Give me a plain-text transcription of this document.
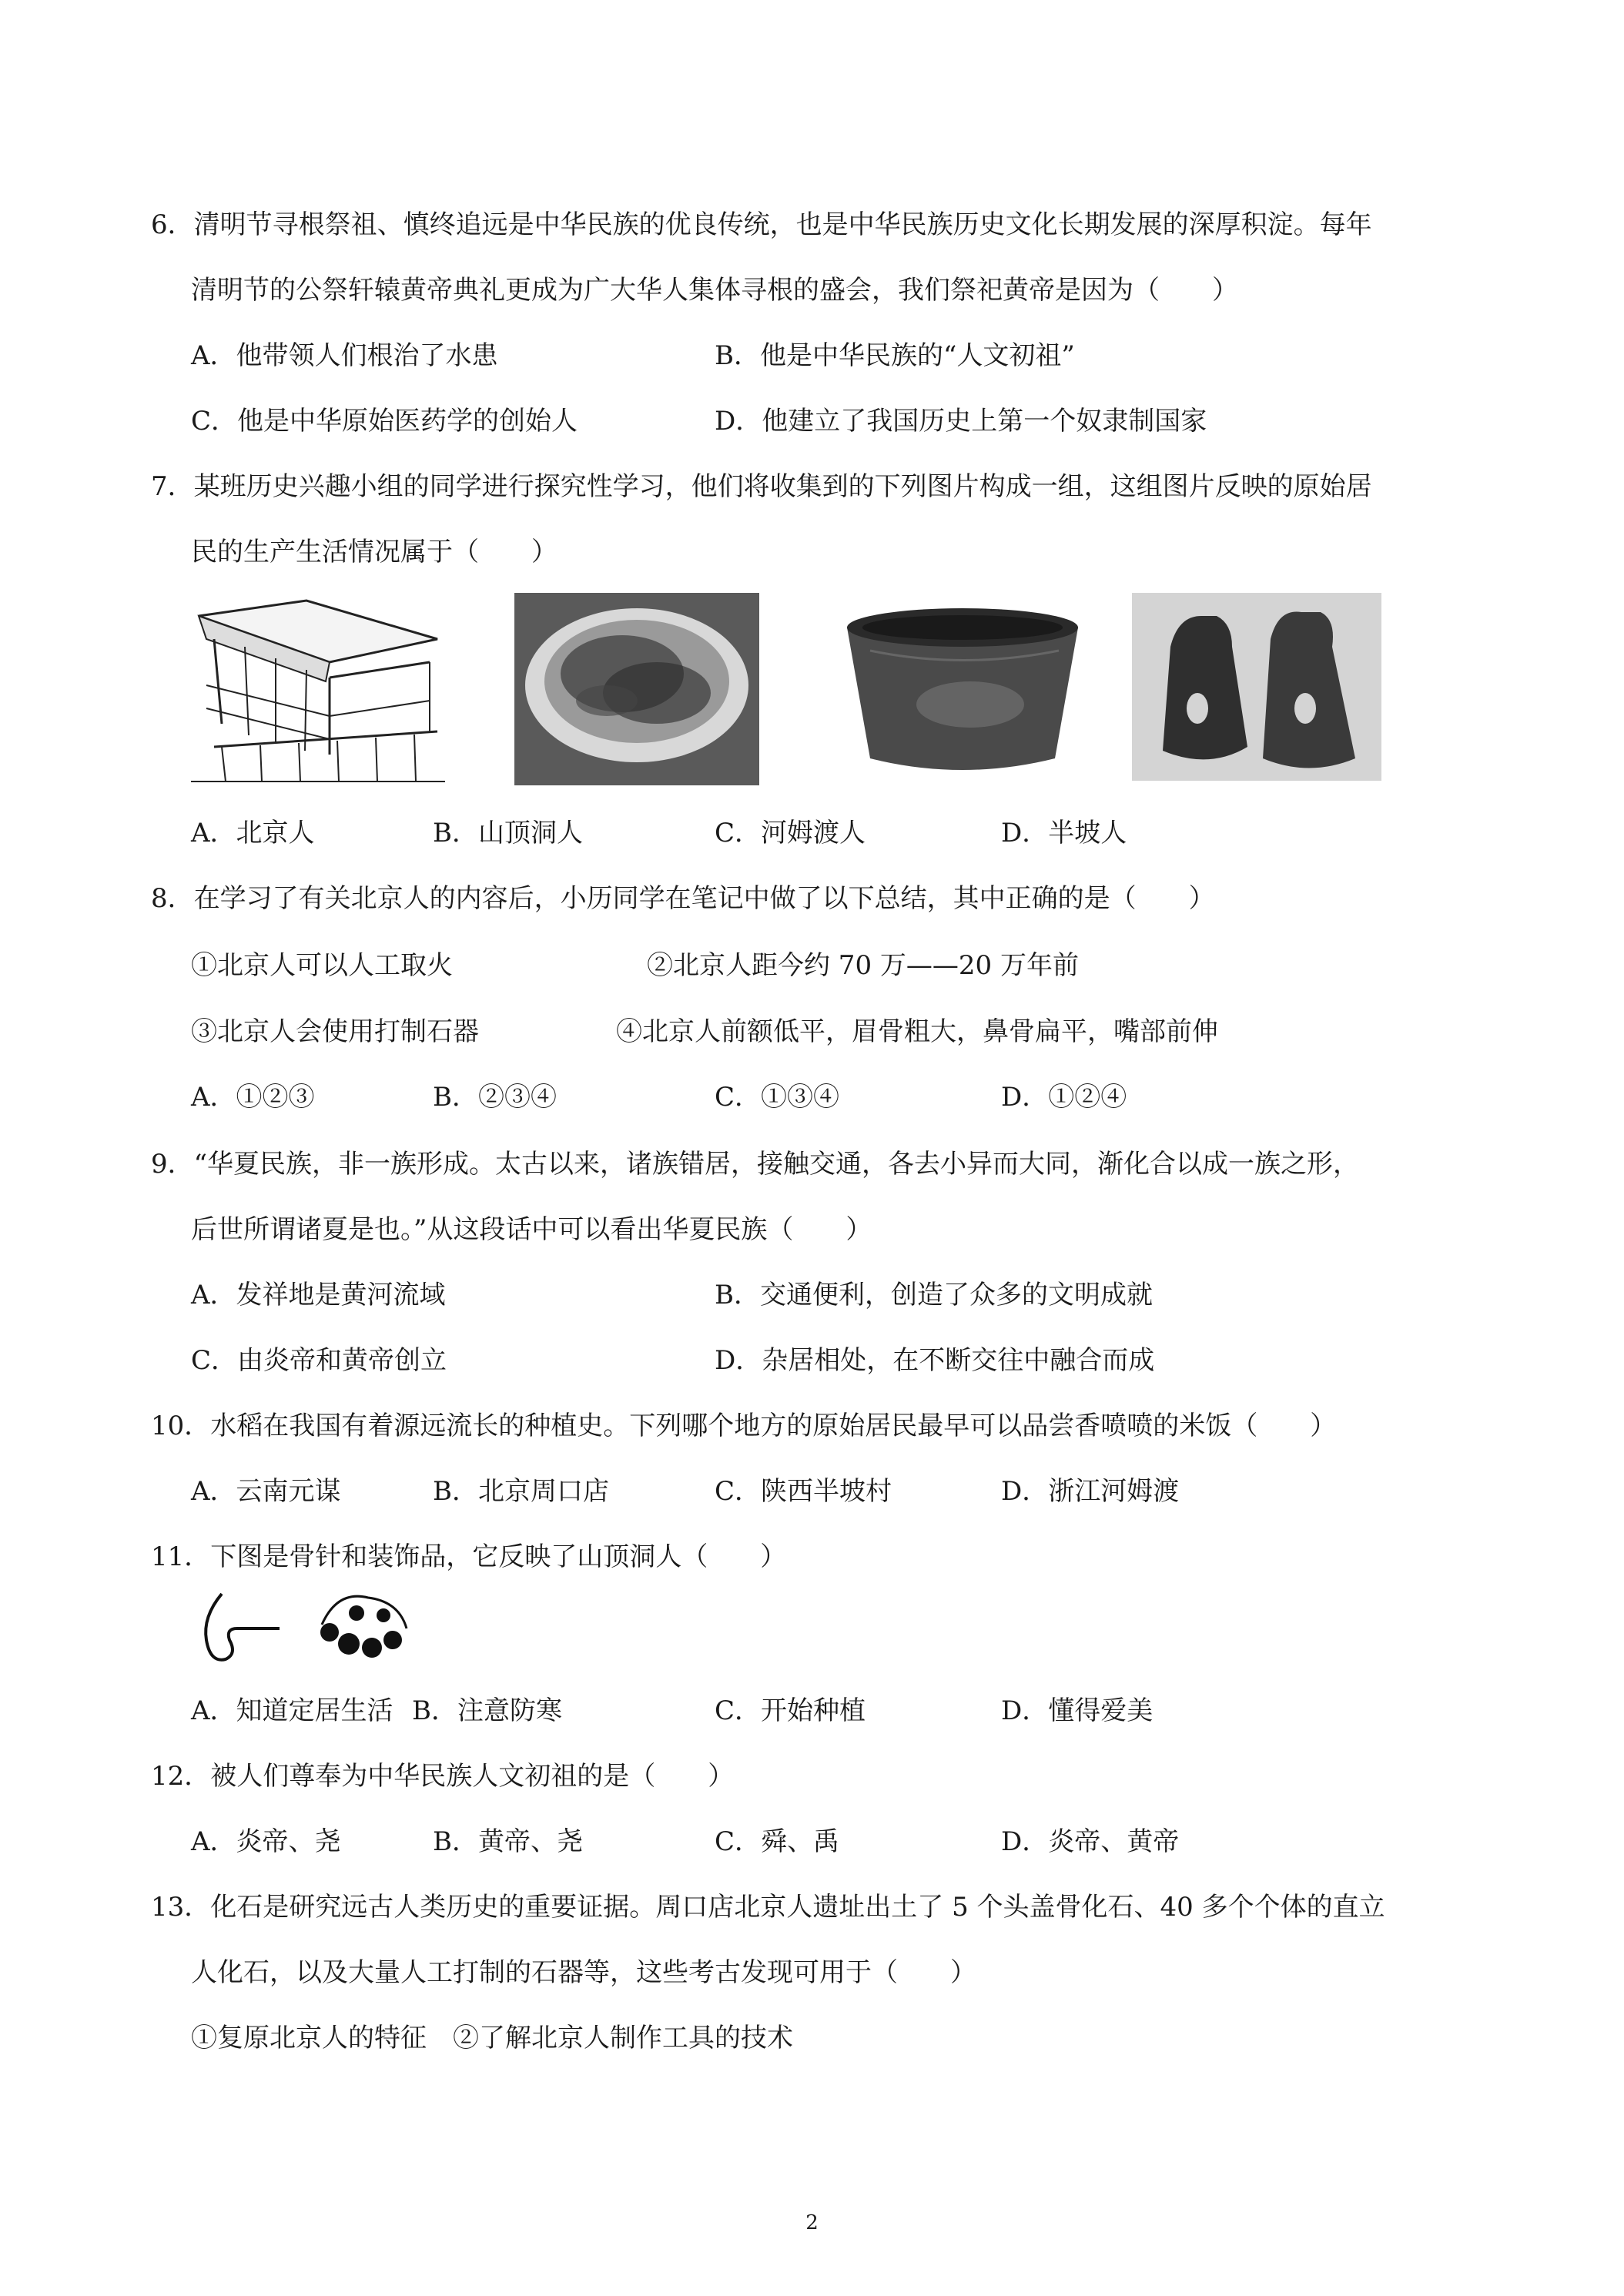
6．清明节寻根祭祖、慎终追远是中华民族的优良传统，也是中华民族历史文化长期发展的深厚积淀。每年
清明节的公祭轩辕黄帝典礼更成为广大华人集体寻根的盛会，我们祭祀黄帝是因为（　　）
A．他带领人们根治了水患	B．他是中华民族的“人文初祖”
C．他是中华原始医药学的创始人	D．他建立了我国历史上第一个奴隶制国家
7．某班历史兴趣小组的同学进行探究性学习，他们将收集到的下列图片构成一组，这组图片反映的原始居
民的生产生活情况属于（　　）
A．北京人	B．山顶洞人	C．河姆渡人	D．半坡人
8．在学习了有关北京人的内容后，小历同学在笔记中做了以下总结，其中正确的是（　　）
①北京人可以人工取火	②北京人距今约 70 万——20 万年前
③北京人会使用打制石器	④北京人前额低平，眉骨粗大，鼻骨扁平，嘴部前伸
A．①②③	B．②③④	C．①③④	D．①②④
9．“华夏民族，非一族形成。太古以来，诸族错居，接触交通，各去小异而大同，渐化合以成一族之形，
后世所谓诸夏是也。”从这段话中可以看出华夏民族（　　）
A．发祥地是黄河流域	B．交通便利，创造了众多的文明成就
C．由炎帝和黄帝创立	D．杂居相处，在不断交往中融合而成
10．水稻在我国有着源远流长的种植史。下列哪个地方的原始居民最早可以品尝香喷喷的米饭（　　）
A．云南元谋	B．北京周口店	C．陕西半坡村	D．浙江河姆渡
11．下图是骨针和装饰品，它反映了山顶洞人（　　）
A．知道定居生活 B．注意防寒	C．开始种植	D．懂得爱美
12．被人们尊奉为中华民族人文初祖的是（　　）
A．炎帝、尧	B．黄帝、尧	C．舜、禹	D．炎帝、黄帝
13．化石是研究远古人类历史的重要证据。周口店北京人遗址出土了 5 个头盖骨化石、40 多个个体的直立
人化石，以及大量人工打制的石器等，这些考古发现可用于（　　）
①复原北京人的特征　②了解北京人制作工具的技术
2
